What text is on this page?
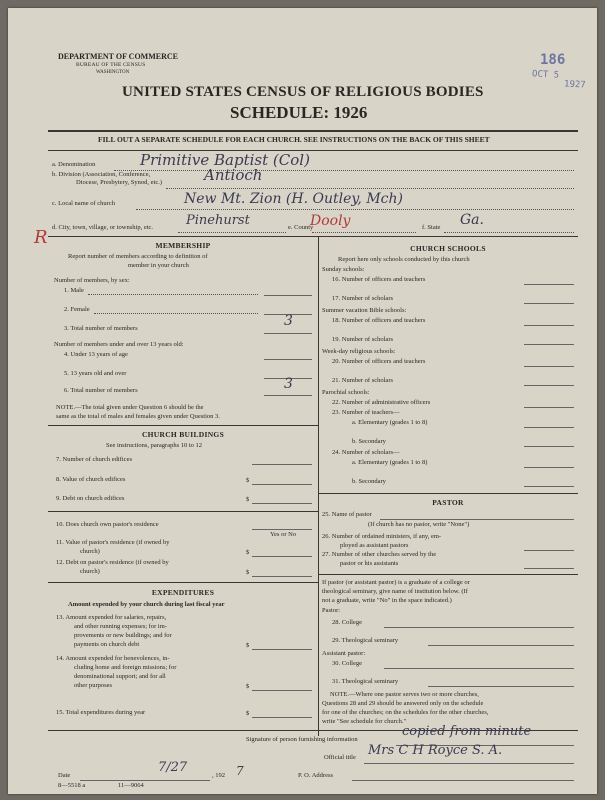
DEPARTMENT OF COMMERCE
BUREAU OF THE CENSUS
WASHINGTON
186
OCT 5
1927
UNITED STATES CENSUS OF RELIGIOUS BODIES
SCHEDULE: 1926
FILL OUT A SEPARATE SCHEDULE FOR EACH CHURCH. SEE INSTRUCTIONS ON THE BACK OF THIS SHEET
a. Denomination	Primitive Baptist (Col)
b. Division (Association, Conference,
Diocese, Presbytery, Synod, etc.)	Antioch
c. Local name of church	New Mt. Zion (H. Outley, Mch)
R d. City, town, village, or township, etc.	Pinehurst	e. County
Dooly	f. State Ga.
MEMBERSHIP
Report number of members according to definition of
member in your church
Number of members, by sex:
1. Male
2. Female
3. Total number of members	3
Number of members under and over 13 years old:
4. Under 13 years of age
5. 13 years old and over
6. Total number of members	3
NOTE.—The total given under Question 6 should be the
same as the total of males and females given under Question 3.
CHURCH BUILDINGS
See instructions, paragraphs 10 to 12
7. Number of church edifices
8. Value of church edifices	$
9. Debt on church edifices	$
10. Does church own pastor's residence
Yes or No
11. Value of pastor's residence (if owned by
church)	$
12. Debt on pastor's residence (if owned by
church)	$
EXPENDITURES
Amount expended by your church during last fiscal year
13. Amount expended for salaries, repairs,
and other running expenses; for im-
provements or new buildings; and for
payments on church debt	$
14. Amount expended for benevolences, in-
cluding home and foreign missions; for
denominational support; and for all
other purposes	$
15. Total expenditures during year	$
CHURCH SCHOOLS
Report here only schools conducted by this church
Sunday schools:
16. Number of officers and teachers
17. Number of scholars
Summer vacation Bible schools:
18. Number of officers and teachers
19. Number of scholars
Week-day religious schools:
20. Number of officers and teachers
21. Number of scholars
Parochial schools:
22. Number of administrative officers
23. Number of teachers—
a. Elementary (grades 1 to 8)
b. Secondary
24. Number of scholars—
a. Elementary (grades 1 to 8)
b. Secondary
PASTOR
25. Name of pastor
(If church has no pastor, write "None")
26. Number of ordained ministers, if any, em-
ployed as assistant pastors
27. Number of other churches served by the
pastor or his assistants
If pastor (or assistant pastor) is a graduate of a college or
theological seminary, give name of institution below. (If
not a graduate, write "No" in the space indicated.)
Pastor:
28. College
29. Theological seminary
Assistant pastor:
30. College
31. Theological seminary
NOTE.—Where one pastor serves two or more churches,
Questions 28 and 29 should be answered only on the schedule
for one of the churches; on the schedules for the other churches,
write "See schedule for church."
Signature of person furnishing information
copied from minute
Official title Mrs C H Royce S. A.
Date
7/27
, 192 7	P. O. Address
8—5518 a	11—9064
